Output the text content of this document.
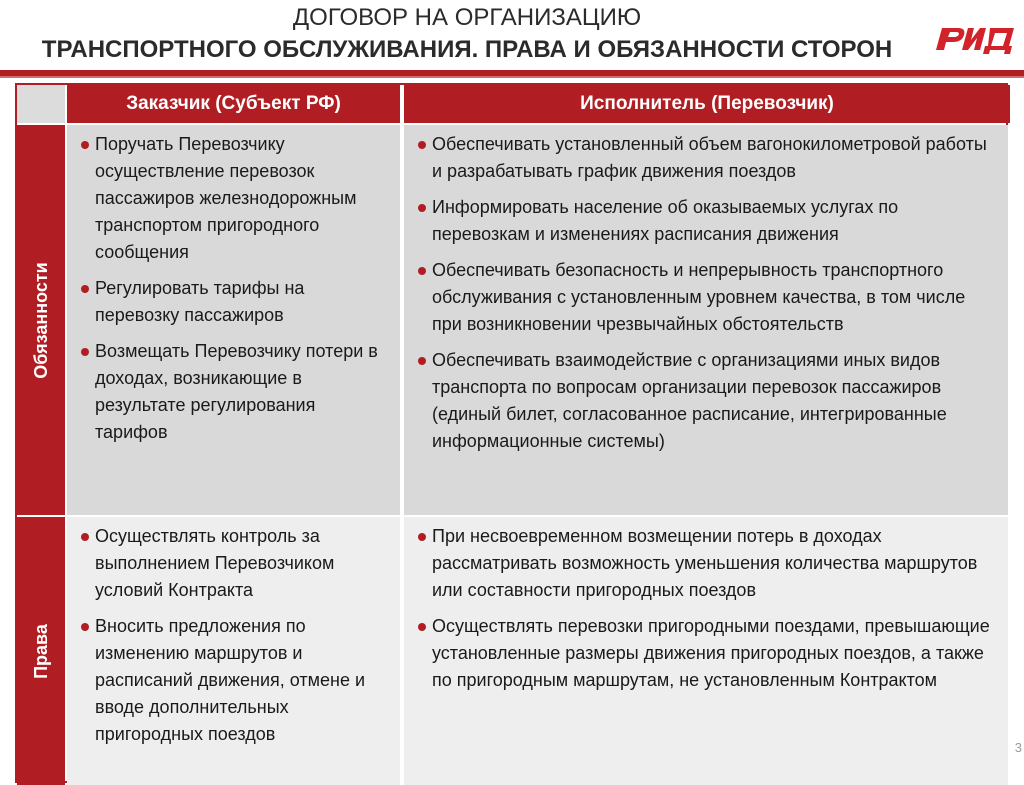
ДОГОВОР НА ОРГАНИЗАЦИЮ
ТРАНСПОРТНОГО ОБСЛУЖИВАНИЯ. ПРАВА И ОБЯЗАННОСТИ СТОРОН
Заказчик (Субъект РФ)	Исполнитель (Перевозчик)
Обязанности
Права
Поручать Перевозчику осуществление перевозок пассажиров железнодорожным транспортом пригородного сообщения
Регулировать тарифы на перевозку пассажиров
Возмещать Перевозчику потери в доходах, возникающие в результате регулирования тарифов
Обеспечивать установленный объем вагонокилометровой работы и разрабатывать график движения поездов
Информировать население об оказываемых услугах по перевозкам и изменениях расписания движения
Обеспечивать безопасность и непрерывность транспортного обслуживания с установленным уровнем качества, в том числе при возникновении чрезвычайных обстоятельств
Обеспечивать взаимодействие с организациями иных видов транспорта по вопросам организации перевозок пассажиров (единый билет, согласованное расписание, интегрированные информационные системы)
Осуществлять контроль за выполнением Перевозчиком условий Контракта
Вносить предложения по изменению маршрутов и расписаний движения, отмене и вводе дополнительных пригородных поездов
При несвоевременном возмещении потерь в доходах рассматривать возможность уменьшения количества маршрутов или составности пригородных поездов
Осуществлять перевозки пригородными поездами, превышающие установленные размеры движения пригородных поездов, а также по пригородным маршрутам, не установленным Контрактом
3
